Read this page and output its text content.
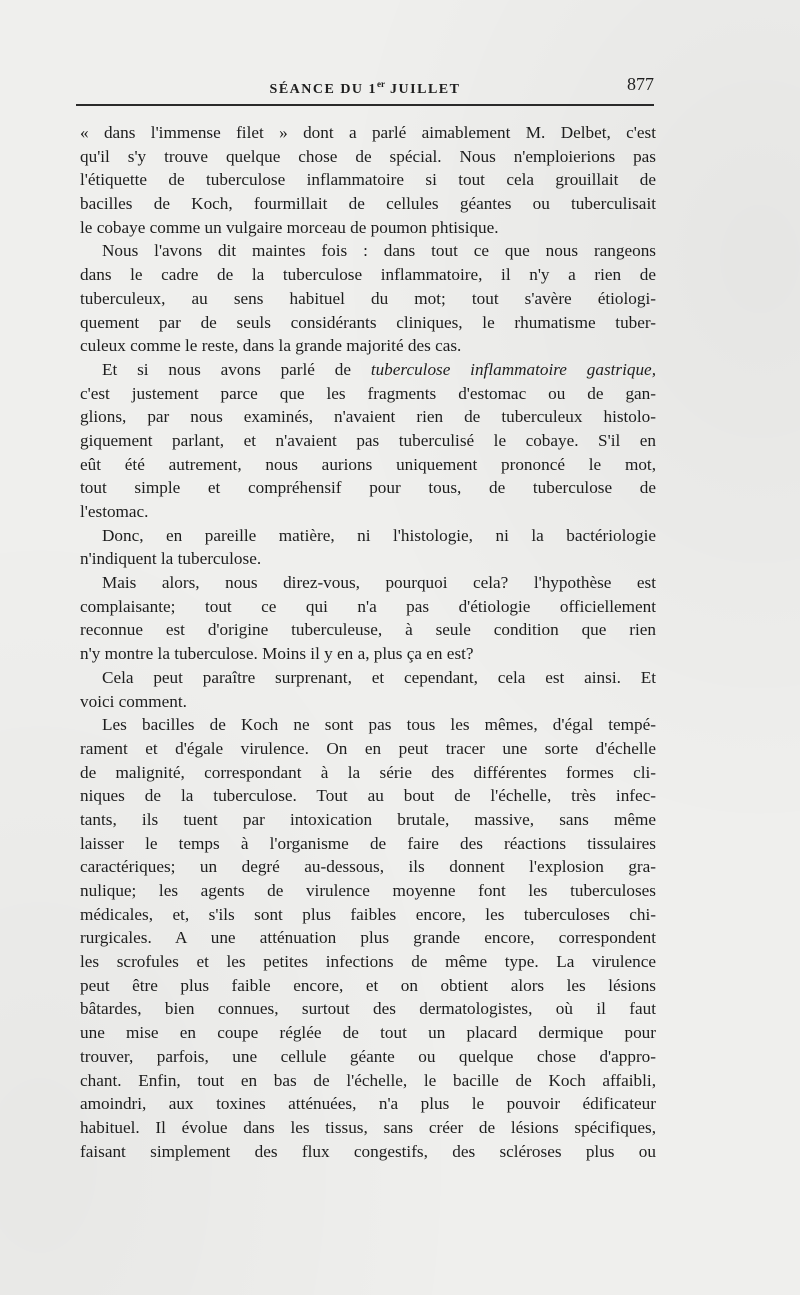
SÉANCE DU 1er JUILLET	877
« dans l'immense filet » dont a parlé aimablement M. Delbet, c'est
qu'il s'y trouve quelque chose de spécial. Nous n'emploierions pas
l'étiquette de tuberculose inflammatoire si tout cela grouillait de
bacilles de Koch, fourmillait de cellules géantes ou tuberculisait
le cobaye comme un vulgaire morceau de poumon phtisique.
Nous l'avons dit maintes fois : dans tout ce que nous rangeons
dans le cadre de la tuberculose inflammatoire, il n'y a rien de
tuberculeux, au sens habituel du mot; tout s'avère étiologi-
quement par de seuls considérants cliniques, le rhumatisme tuber-
culeux comme le reste, dans la grande majorité des cas.
Et si nous avons parlé de tuberculose inflammatoire gastrique,
c'est justement parce que les fragments d'estomac ou de gan-
glions, par nous examinés, n'avaient rien de tuberculeux histolo-
giquement parlant, et n'avaient pas tuberculisé le cobaye. S'il en
eût été autrement, nous aurions uniquement prononcé le mot,
tout simple et compréhensif pour tous, de tuberculose de
l'estomac.
Donc, en pareille matière, ni l'histologie, ni la bactériologie
n'indiquent la tuberculose.
Mais alors, nous direz-vous, pourquoi cela? l'hypothèse est
complaisante; tout ce qui n'a pas d'étiologie officiellement
reconnue est d'origine tuberculeuse, à seule condition que rien
n'y montre la tuberculose. Moins il y en a, plus ça en est?
Cela peut paraître surprenant, et cependant, cela est ainsi. Et
voici comment.
Les bacilles de Koch ne sont pas tous les mêmes, d'égal tempé-
rament et d'égale virulence. On en peut tracer une sorte d'échelle
de malignité, correspondant à la série des différentes formes cli-
niques de la tuberculose. Tout au bout de l'échelle, très infec-
tants, ils tuent par intoxication brutale, massive, sans même
laisser le temps à l'organisme de faire des réactions tissulaires
caractériques; un degré au-dessous, ils donnent l'explosion gra-
nulique; les agents de virulence moyenne font les tuberculoses
médicales, et, s'ils sont plus faibles encore, les tuberculoses chi-
rurgicales. A une atténuation plus grande encore, correspondent
les scrofules et les petites infections de même type. La virulence
peut être plus faible encore, et on obtient alors les lésions
bâtardes, bien connues, surtout des dermatologistes, où il faut
une mise en coupe réglée de tout un placard dermique pour
trouver, parfois, une cellule géante ou quelque chose d'appro-
chant. Enfin, tout en bas de l'échelle, le bacille de Koch affaibli,
amoindri, aux toxines atténuées, n'a plus le pouvoir édificateur
habituel. Il évolue dans les tissus, sans créer de lésions spécifiques,
faisant simplement des flux congestifs, des scléroses plus ou
